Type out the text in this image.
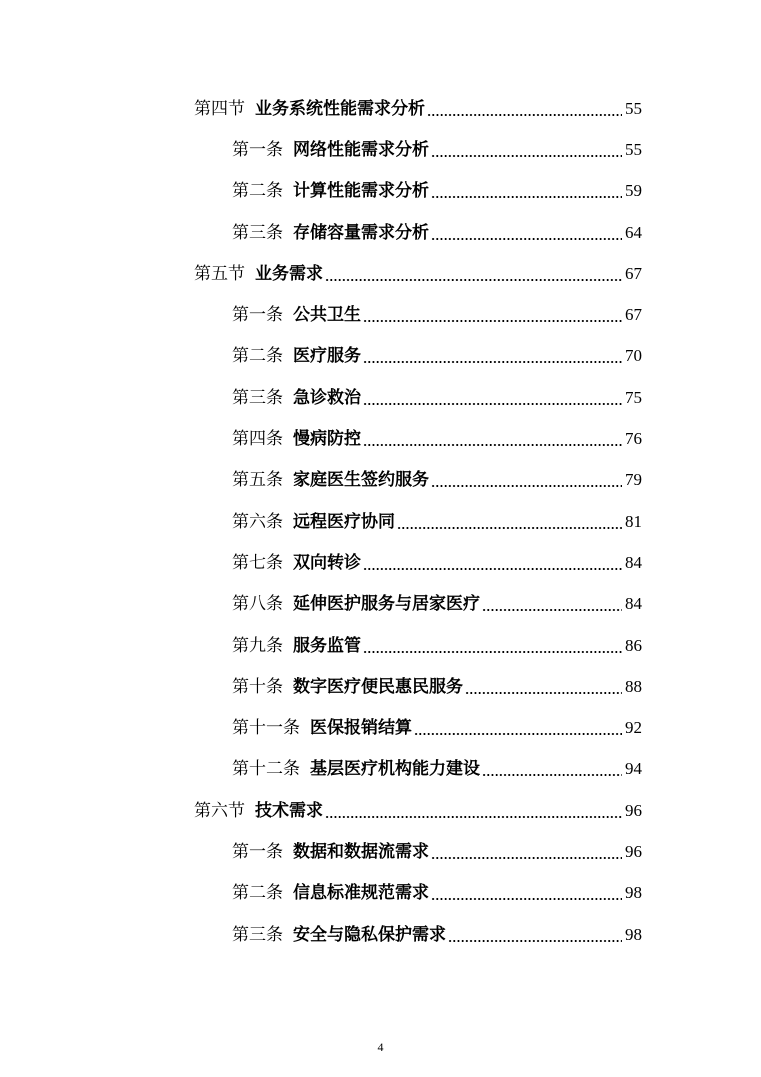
第四节 业务系统性能需求分析	55
第一条 网络性能需求分析	55
第二条 计算性能需求分析	59
第三条 存储容量需求分析	64
第五节 业务需求	67
第一条 公共卫生	67
第二条 医疗服务	70
第三条 急诊救治	75
第四条 慢病防控	76
第五条 家庭医生签约服务	79
第六条 远程医疗协同	81
第七条 双向转诊	84
第八条 延伸医护服务与居家医疗	84
第九条 服务监管	86
第十条 数字医疗便民惠民服务	88
第十一条 医保报销结算	92
第十二条 基层医疗机构能力建设	94
第六节 技术需求	96
第一条 数据和数据流需求	96
第二条 信息标准规范需求	98
第三条 安全与隐私保护需求	98
4
